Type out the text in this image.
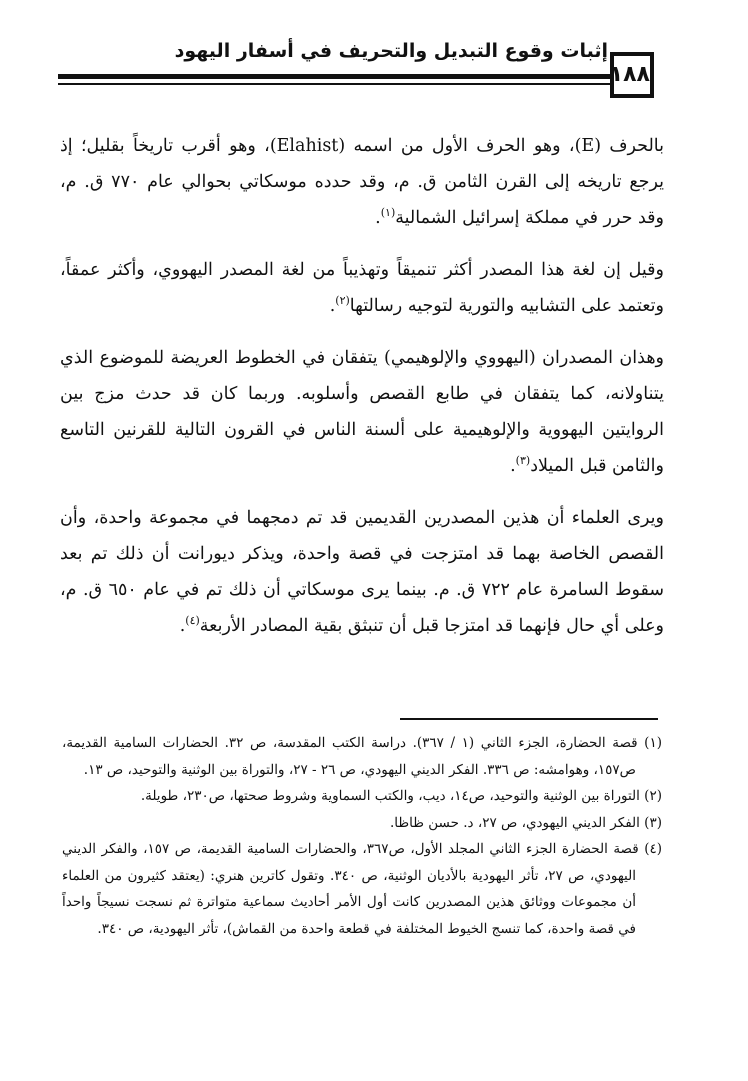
إثبات وقوع التبديل والتحريف في أسفار اليهود
١٨٨

بالحرف (E)، وهو الحرف الأول من اسمه (Elahist)، وهو أقرب تاريخاً بقليل؛ إذ يرجع تاريخه إلى القرن الثامن ق. م، وقد حدده موسكاتي بحوالي عام ٧٧٠ ق. م، وقد حرر في مملكة إسرائيل الشمالية$^{(١)}$.

وقيل إن لغة هذا المصدر أكثر تنميقاً وتهذيباً من لغة المصدر اليهووي، وأكثر عمقاً، وتعتمد على التشابيه والتورية لتوجيه رسالتها$^{(٢)}$.

وهذان المصدران (اليهووي والإلوهيمي) يتفقان في الخطوط العريضة للموضوع الذي يتناولانه، كما يتفقان في طابع القصص وأسلوبه. وربما كان قد حدث مزج بين الروايتين اليهووية والإلوهيمية على ألسنة الناس في القرون التالية للقرنين التاسع والثامن قبل الميلاد$^{(٣)}$.

ويرى العلماء أن هذين المصدرين القديمين قد تم دمجهما في مجموعة واحدة، وأن القصص الخاصة بهما قد امتزجت في قصة واحدة، ويذكر ديورانت أن ذلك تم بعد سقوط السامرة عام ٧٢٢ ق. م. بينما يرى موسكاتي أن ذلك تم في عام ٦٥٠ ق. م، وعلى أي حال فإنهما قد امتزجا قبل أن تنبثق بقية المصادر الأربعة$^{(٤)}$.

(١) قصة الحضارة، الجزء الثاني (١ / ٣٦٧). دراسة الكتب المقدسة، ص ٣٢. الحضارات السامية القديمة، ص١٥٧، وهوامشه: ص ٣٣٦. الفكر الديني اليهودي، ص ٢٦ - ٢٧، والتوراة بين الوثنية والتوحيد، ص ١٣.

(٢) التوراة بين الوثنية والتوحيد، ص١٤، ديب، والكتب السماوية وشروط صحتها، ص٢٣٠، طويلة.

(٣) الفكر الديني اليهودي، ص ٢٧، د. حسن ظاظا.

(٤) قصة الحضارة الجزء الثاني المجلد الأول، ص٣٦٧، والحضارات السامية القديمة، ص ١٥٧، والفكر الديني اليهودي، ص ٢٧، تأثر اليهودية بالأديان الوثنية، ص ٣٤٠. وتقول كاترين هنري: (يعتقد كثيرون من العلماء أن مجموعات ووثائق هذين المصدرين كانت أول الأمر أحاديث سماعية متواترة ثم نسجت نسيجاً واحداً في قصة واحدة، كما تنسج الخيوط المختلفة في قطعة واحدة من القماش)، تأثر اليهودية، ص ٣٤٠.
